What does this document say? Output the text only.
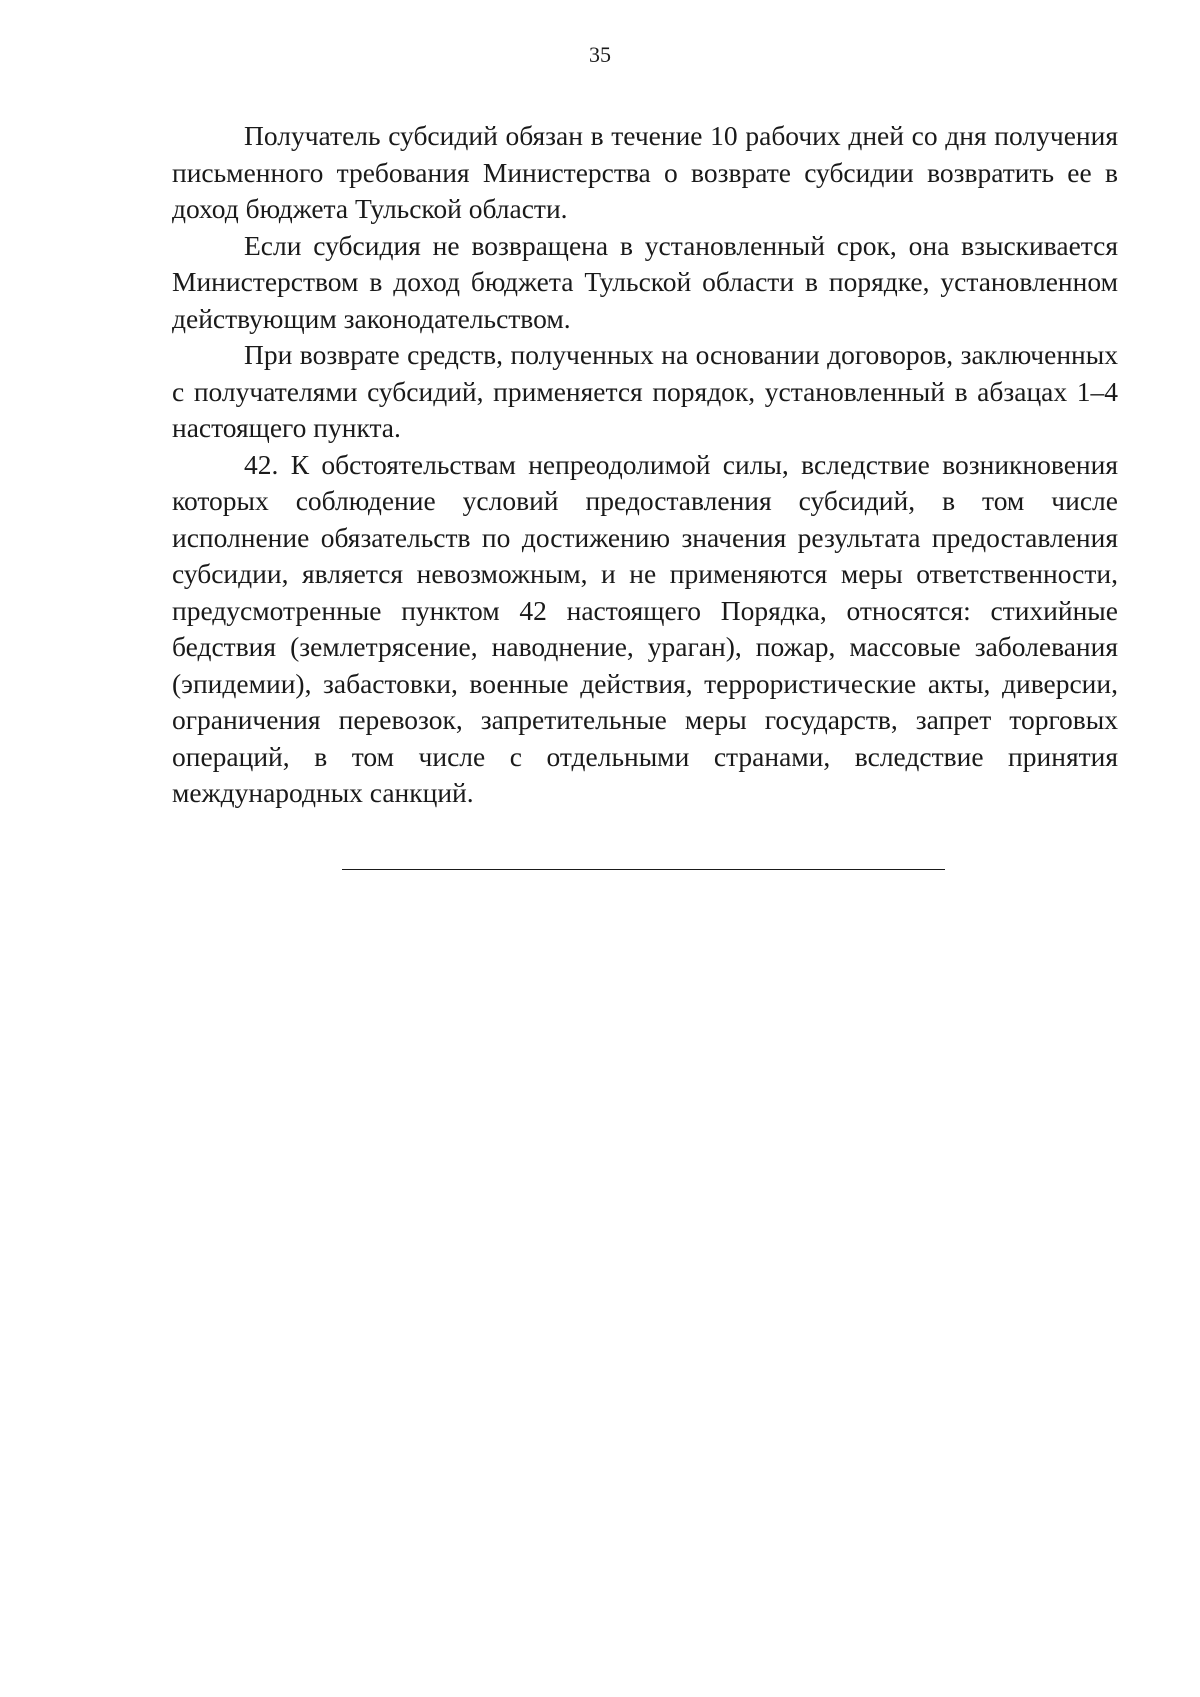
35

Получатель субсидий обязан в течение 10 рабочих дней со дня получения письменного требования Министерства о возврате субсидии возвратить ее в доход бюджета Тульской области.

Если субсидия не возвращена в установленный срок, она взыскивается Министерством в доход бюджета Тульской области в порядке, установленном действующим законодательством.

При возврате средств, полученных на основании договоров, заключенных с получателями субсидий, применяется порядок, установленный в абзацах 1–4 настоящего пункта.

42. К обстоятельствам непреодолимой силы, вследствие возникновения которых соблюдение условий предоставления субсидий, в том числе исполнение обязательств по достижению значения результата предоставления субсидии, является невозможным, и не применяются меры ответственности, предусмотренные пунктом 42 настоящего Порядка, относятся: стихийные бедствия (землетрясение, наводнение, ураган), пожар, массовые заболевания (эпидемии), забастовки, военные действия, террористические акты, диверсии, ограничения перевозок, запретительные меры государств, запрет торговых операций, в том числе с отдельными странами, вследствие принятия международных санкций.
